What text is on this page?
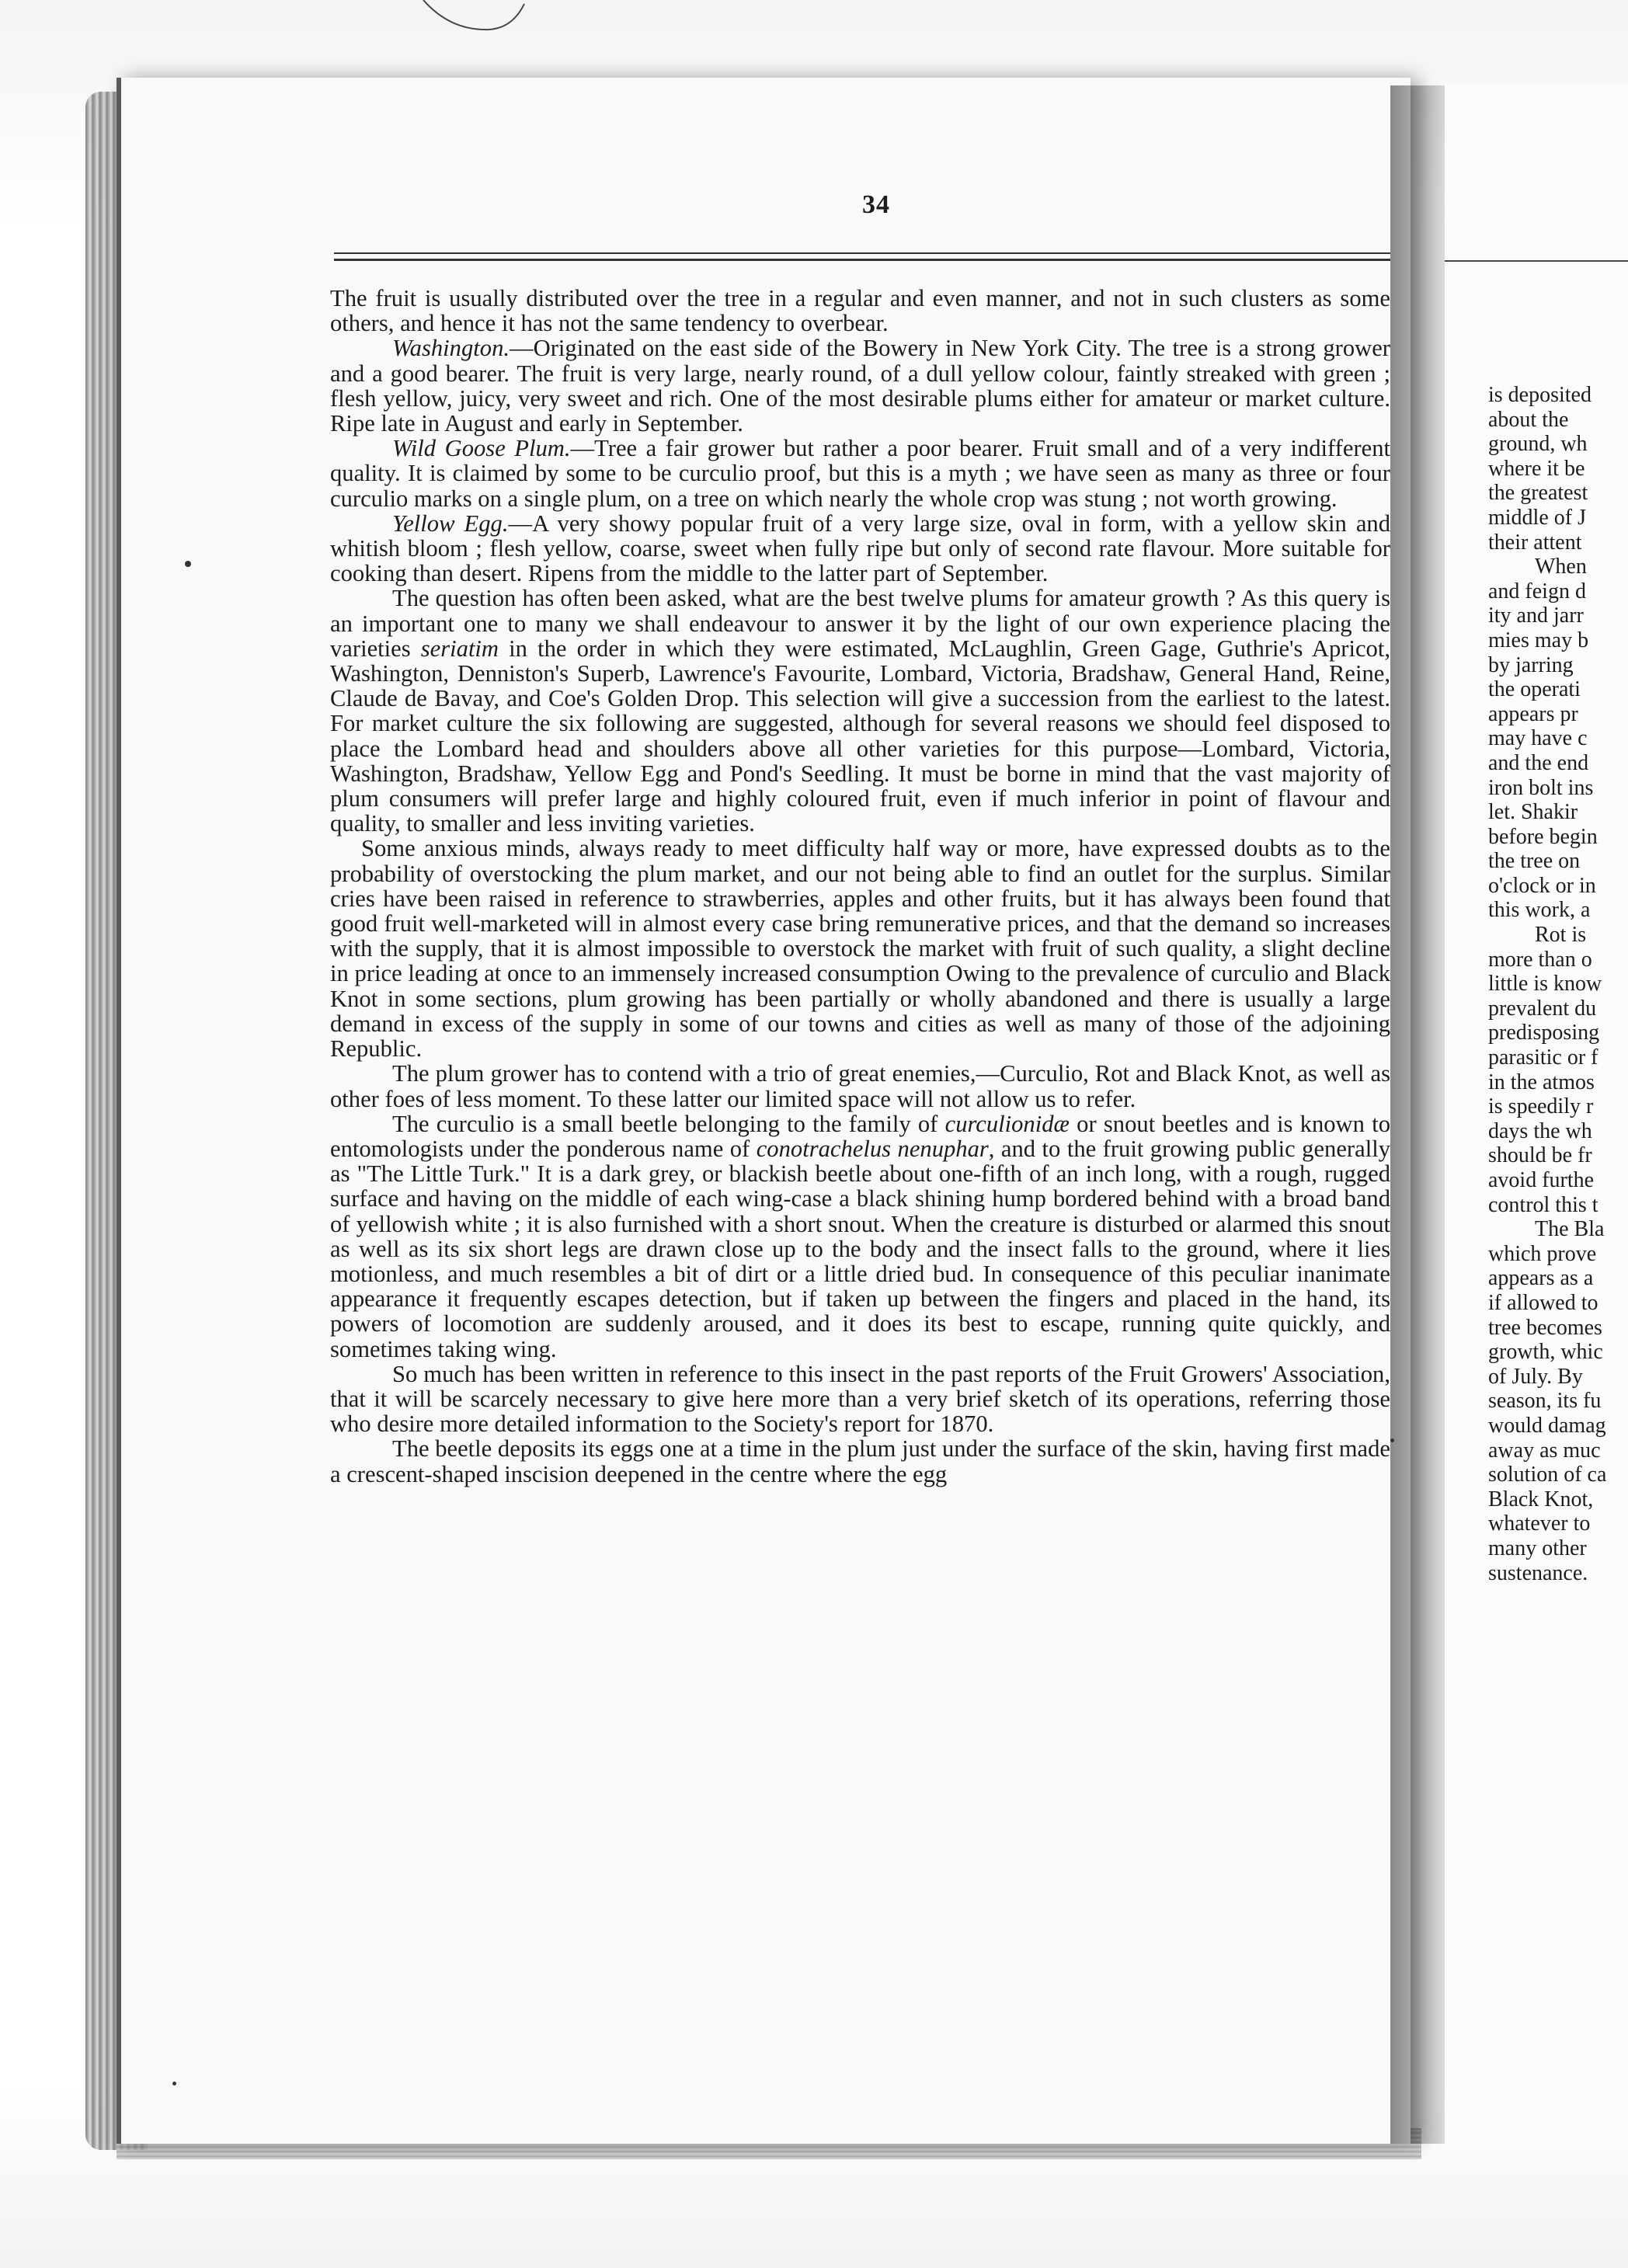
is deposited
about the
ground, wh
where it be
the greatest
middle of J
their attent
When
and feign d
ity and jarr
mies may b
by jarring
the operati
appears pr
may have c
and the end
iron bolt ins
let. Shakir
before begin
the tree on
o'clock or in
this work, a
Rot is
more than o
little is know
prevalent du
predisposing
parasitic or f
in the atmos
is speedily r
days the wh
should be fr
avoid furthe
control this t
The Bla
which prove
appears as a
if allowed to
tree becomes
growth, whic
of July. By
season, its fu
would damag
away as muc
solution of ca
Black Knot,
whatever to
many other
sustenance.
34

The fruit is usually distributed over the tree in a regular and even manner, and not in such clusters as some others, and hence it has not the same tendency to overbear.

Washington.—Originated on the east side of the Bowery in New York City. The tree is a strong grower and a good bearer. The fruit is very large, nearly round, of a dull yellow colour, faintly streaked with green ; flesh yellow, juicy, very sweet and rich. One of the most desirable plums either for amateur or market culture. Ripe late in August and early in September.

Wild Goose Plum.—Tree a fair grower but rather a poor bearer. Fruit small and of a very indifferent quality. It is claimed by some to be curculio proof, but this is a myth ; we have seen as many as three or four curculio marks on a single plum, on a tree on which nearly the whole crop was stung ; not worth growing.

Yellow Egg.—A very showy popular fruit of a very large size, oval in form, with a yellow skin and whitish bloom ; flesh yellow, coarse, sweet when fully ripe but only of second rate flavour. More suitable for cooking than desert. Ripens from the middle to the latter part of September.

The question has often been asked, what are the best twelve plums for amateur growth ? As this query is an important one to many we shall endeavour to answer it by the light of our own experience placing the varieties seriatim in the order in which they were estimated, McLaughlin, Green Gage, Guthrie's Apricot, Washington, Denniston's Superb, Lawrence's Favourite, Lombard, Victoria, Bradshaw, General Hand, Reine, Claude de Bavay, and Coe's Golden Drop. This selection will give a succession from the earliest to the latest. For market culture the six following are suggested, although for several reasons we should feel disposed to place the Lombard head and shoulders above all other varieties for this purpose—Lombard, Victoria, Washington, Bradshaw, Yellow Egg and Pond's Seedling. It must be borne in mind that the vast majority of plum consumers will prefer large and highly coloured fruit, even if much inferior in point of flavour and quality, to smaller and less inviting varieties.

Some anxious minds, always ready to meet difficulty half way or more, have expressed doubts as to the probability of overstocking the plum market, and our not being able to find an outlet for the surplus. Similar cries have been raised in reference to strawberries, apples and other fruits, but it has always been found that good fruit well-marketed will in almost every case bring remunerative prices, and that the demand so increases with the supply, that it is almost impossible to overstock the market with fruit of such quality, a slight decline in price leading at once to an immensely increased consumption Owing to the prevalence of curculio and Black Knot in some sections, plum growing has been partially or wholly abandoned and there is usually a large demand in excess of the supply in some of our towns and cities as well as many of those of the adjoining Republic.

The plum grower has to contend with a trio of great enemies,—Curculio, Rot and Black Knot, as well as other foes of less moment. To these latter our limited space will not allow us to refer.

The curculio is a small beetle belonging to the family of curculionidæ or snout beetles and is known to entomologists under the ponderous name of conotrachelus nenuphar, and to the fruit growing public generally as "The Little Turk." It is a dark grey, or blackish beetle about one-fifth of an inch long, with a rough, rugged surface and having on the middle of each wing-case a black shining hump bordered behind with a broad band of yellowish white ; it is also furnished with a short snout. When the creature is disturbed or alarmed this snout as well as its six short legs are drawn close up to the body and the insect falls to the ground, where it lies motionless, and much resembles a bit of dirt or a little dried bud. In consequence of this peculiar inanimate appearance it frequently escapes detection, but if taken up between the fingers and placed in the hand, its powers of locomotion are suddenly aroused, and it does its best to escape, running quite quickly, and sometimes taking wing.

So much has been written in reference to this insect in the past reports of the Fruit Growers' Association, that it will be scarcely necessary to give here more than a very brief sketch of its operations, referring those who desire more detailed information to the Society's report for 1870.

The beetle deposits its eggs one at a time in the plum just under the surface of the skin, having first made a crescent-shaped inscision deepened in the centre where the egg
